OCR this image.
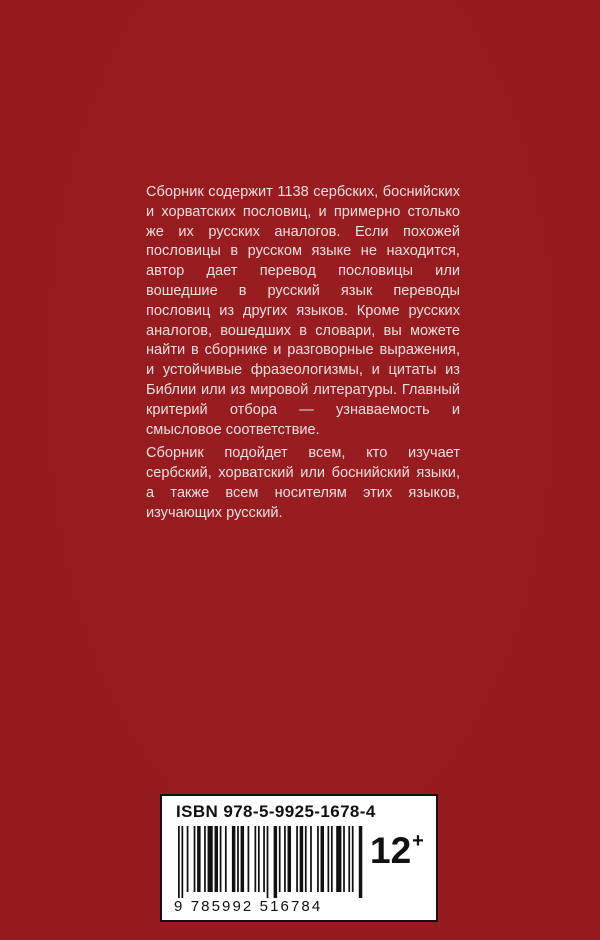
Сборник содержит 1138 сербских, боснийских и хорватских пословиц, и примерно столько же их русских аналогов. Если похожей пословицы в русском языке не находится, автор дает перевод пословицы или вошедшие в русский язык переводы пословиц из других языков. Кроме русских аналогов, вошедших в словари, вы можете найти в сборнике и разговорные выражения, и устойчивые фразеологизмы, и цитаты из Библии или из мировой литературы. Главный критерий отбора — узнаваемость и смысловое соответствие.

Сборник подойдет всем, кто изучает сербский, хорватский или боснийский языки, а также всем носителям этих языков, изучающих русский.

ISBN 978-5-9925-1678-4
9 785992 516784
12+
